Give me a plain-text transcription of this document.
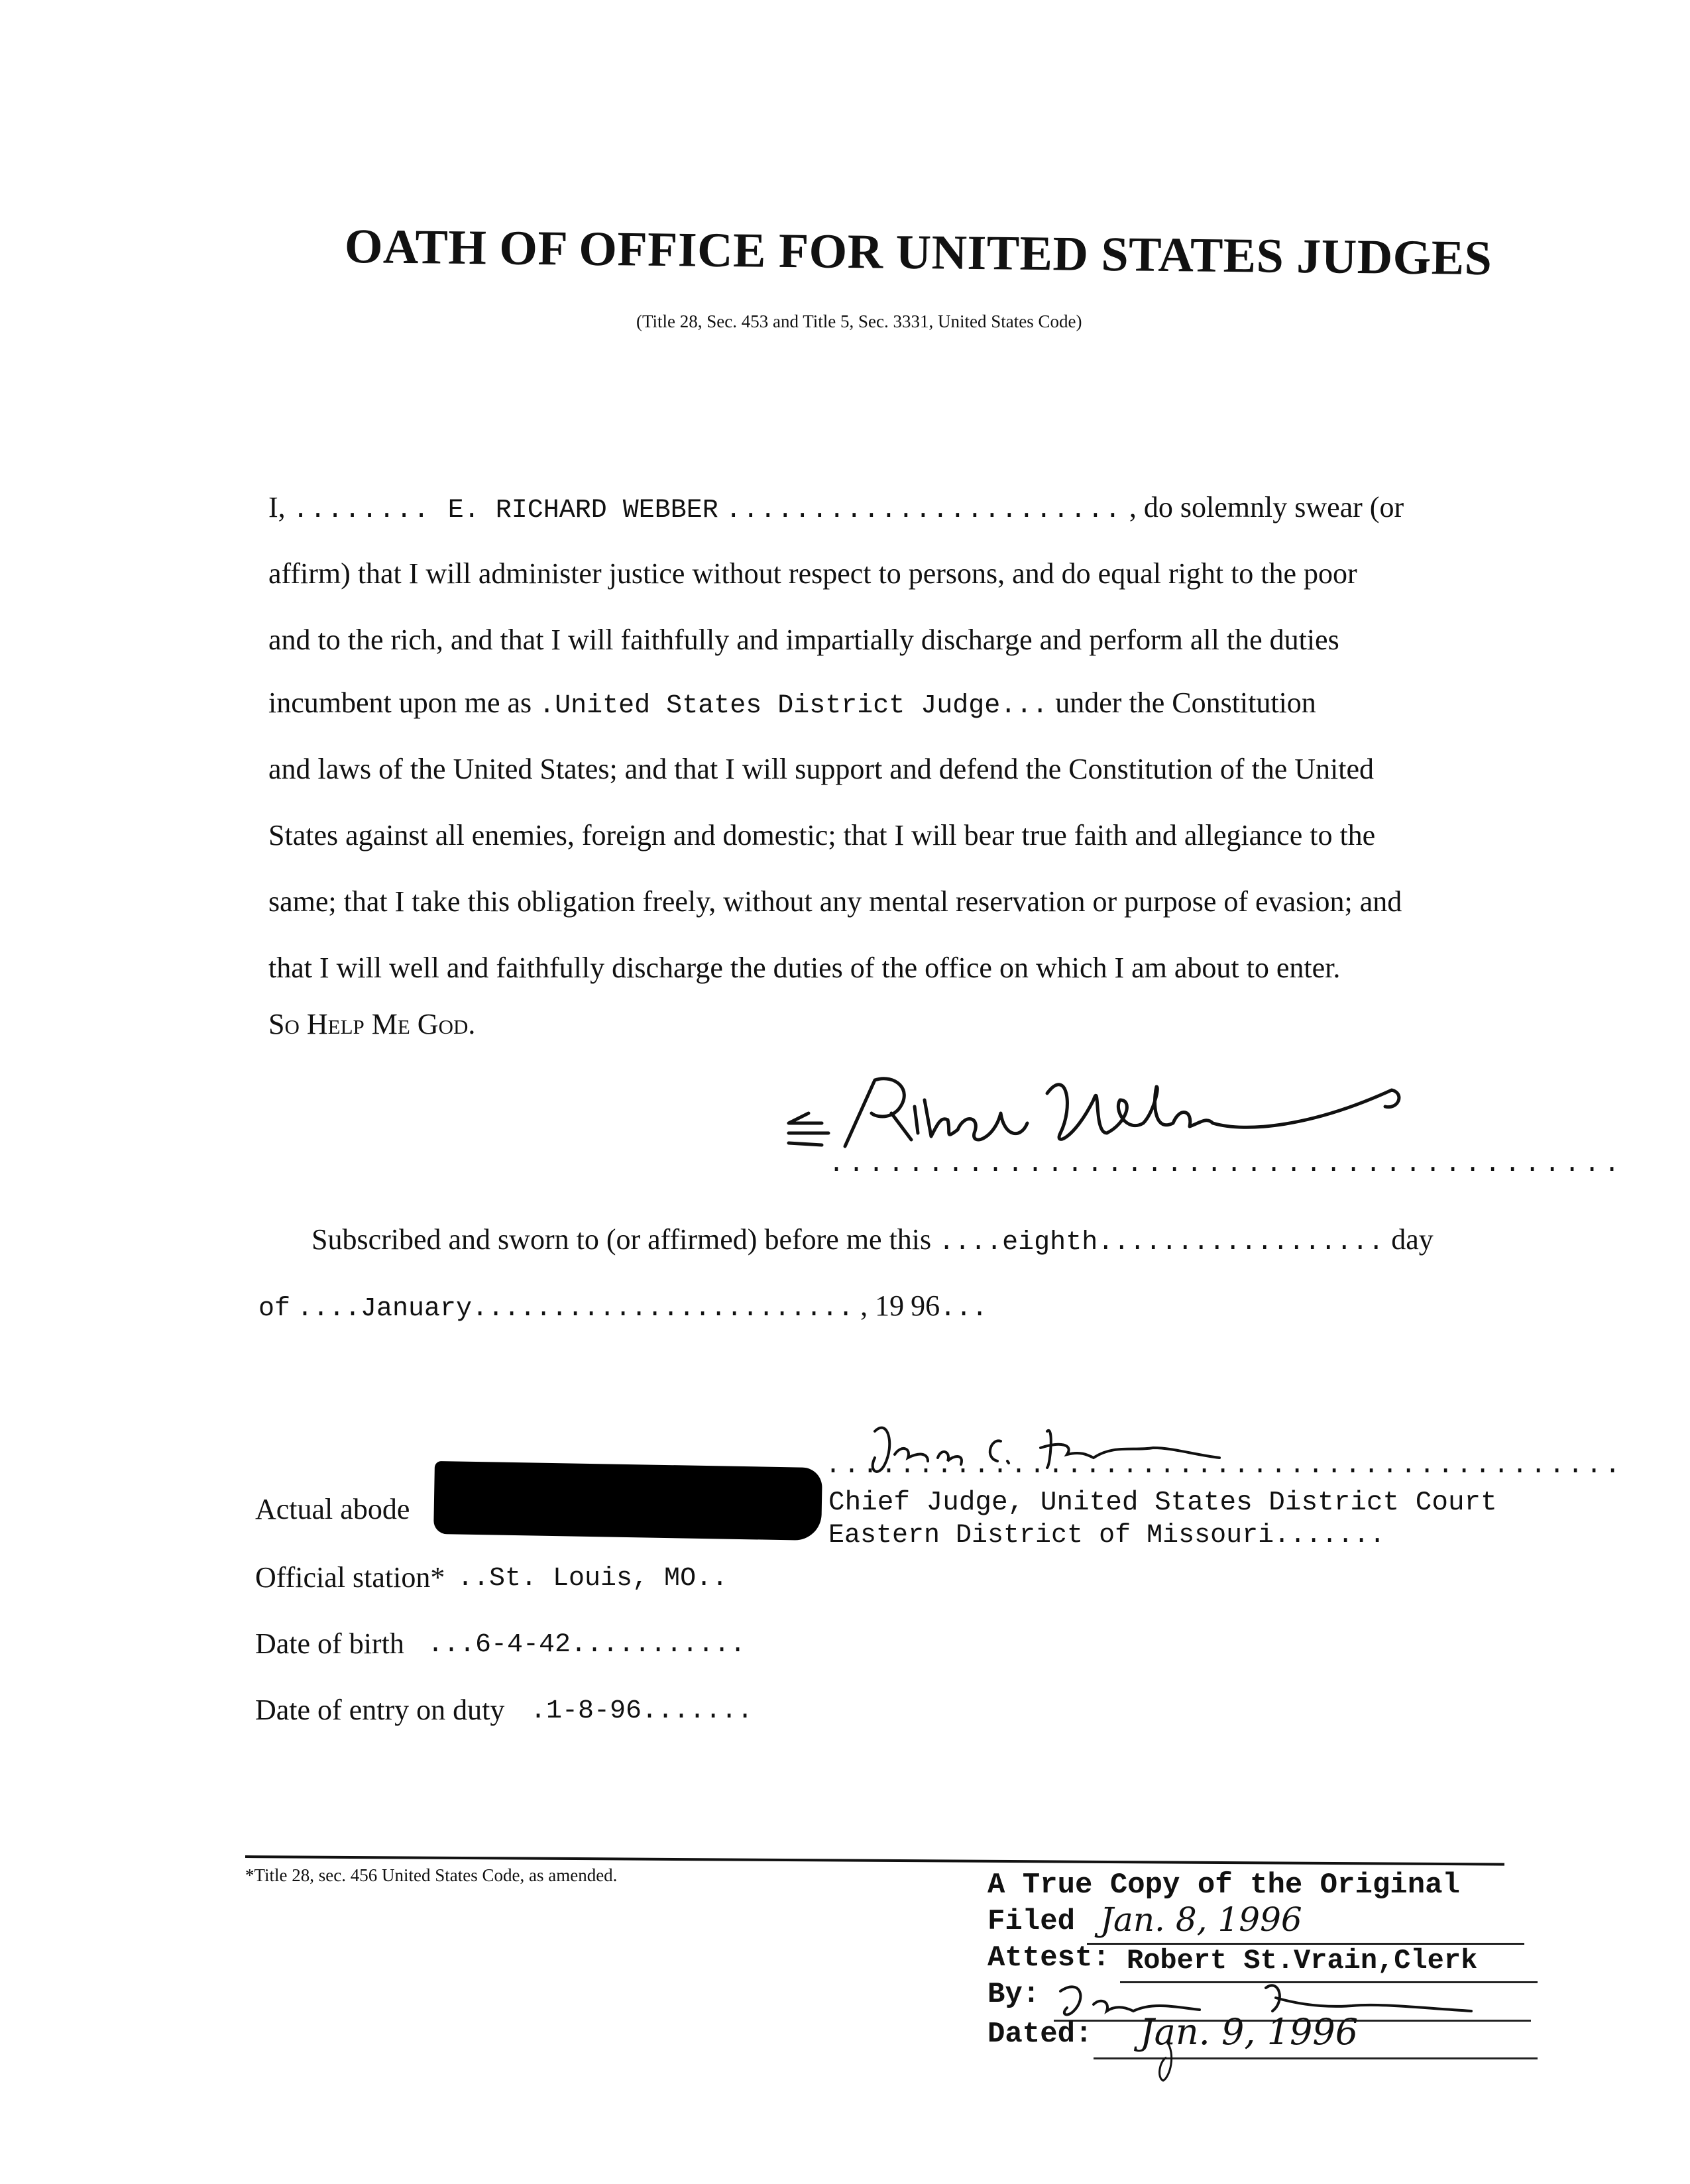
OATH OF OFFICE FOR UNITED STATES JUDGES
(Title 28, Sec. 453 and Title 5, Sec. 3331, United States Code)
I, ........ E. RICHARD WEBBER ....................... , do solemnly swear (or
affirm) that I will administer justice without respect to persons, and do equal right to the poor
and to the rich, and that I will faithfully and impartially discharge and perform all the duties
incumbent upon me as .United States District Judge... under the Constitution
and laws of the United States; and that I will support and defend the Constitution of the United
States against all enemies, foreign and domestic; that I will bear true faith and allegiance to the
same; that I take this obligation freely, without any mental reservation or purpose of evasion; and
that I will well and faithfully discharge the duties of the office on which I am about to enter.
So Help Me God.
........................................
Subscribed and sworn to (or affirmed) before me this ....eighth.................. day
of ....January........................ , 19 96...
...........................................
Chief Judge, United States District Court
Eastern District of Missouri.......
Actual abode
Official station* ..St. Louis, MO..
Date of birth ...6-4-42...........
Date of entry on duty .1-8-96.......
*Title 28, sec. 456 United States Code, as amended.	A True Copy of the Original
Filed Jan. 8, 1996
Attest: Robert St.Vrain,Clerk
By:
Dated: Jan. 9, 1996
